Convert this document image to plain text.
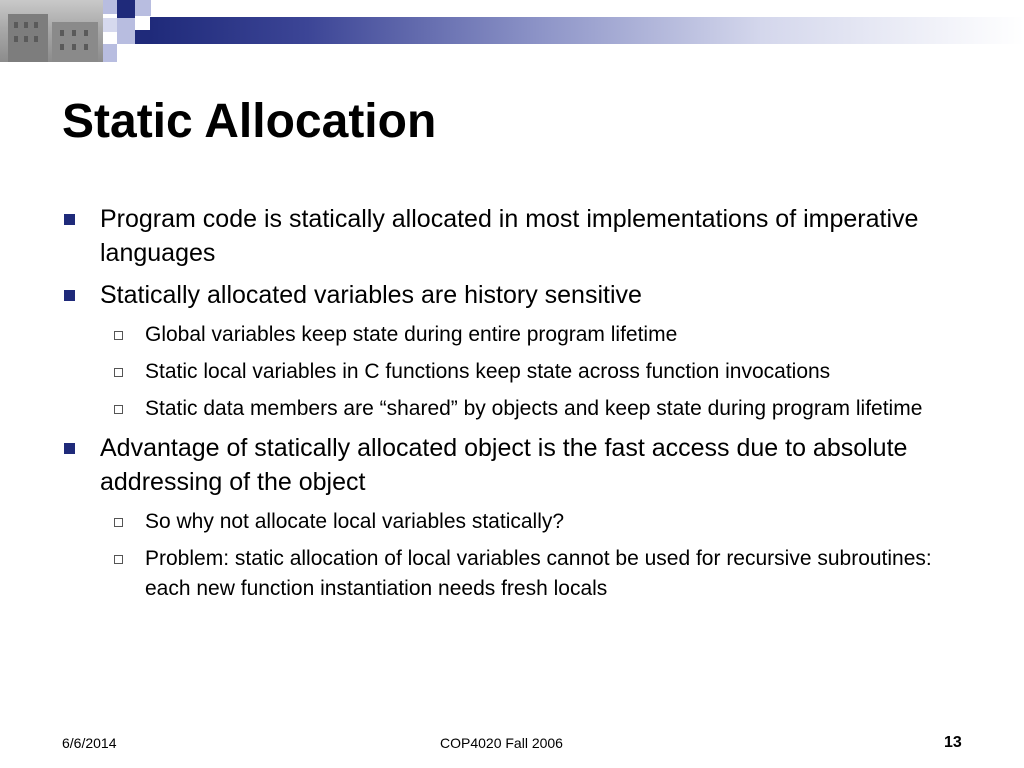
Static Allocation
Program code is statically allocated in most implementations of imperative languages
Statically allocated variables are history sensitive
Global variables keep state during entire program lifetime
Static local variables in C functions keep state across function invocations
Static data members are “shared” by objects and keep state during program lifetime
Advantage of statically allocated object is the fast access due to absolute addressing of the object
So why not allocate local variables statically?
Problem: static allocation of local variables cannot be used for recursive subroutines: each new function instantiation needs fresh locals
6/6/2014	COP4020 Fall 2006	13
